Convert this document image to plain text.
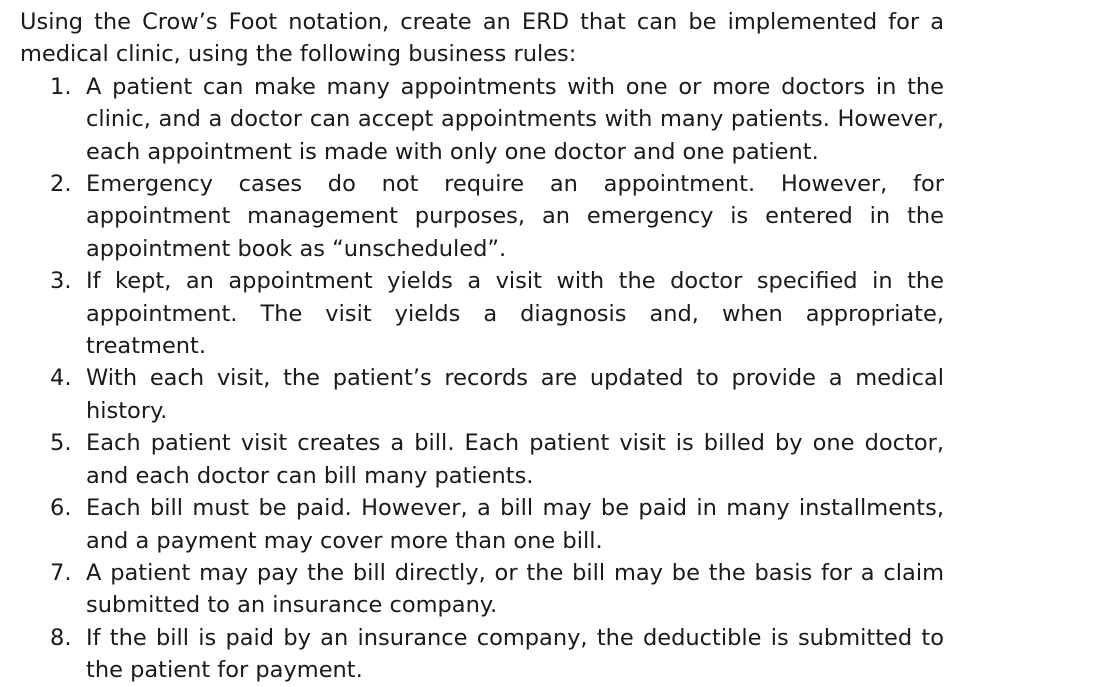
Using the Crow’s Foot notation, create an ERD that can be implemented for a medical clinic, using the following business rules:

1. A patient can make many appointments with one or more doctors in the clinic, and a doctor can accept appointments with many patients. However, each appointment is made with only one doctor and one patient.
2. Emergency cases do not require an appointment. However, for appointment management purposes, an emergency is entered in the appointment book as “unscheduled”.
3. If kept, an appointment yields a visit with the doctor specified in the appointment. The visit yields a diagnosis and, when appropriate, treatment.
4. With each visit, the patient’s records are updated to provide a medical history.
5. Each patient visit creates a bill. Each patient visit is billed by one doctor, and each doctor can bill many patients.
6. Each bill must be paid. However, a bill may be paid in many installments, and a payment may cover more than one bill.
7. A patient may pay the bill directly, or the bill may be the basis for a claim submitted to an insurance company.
8. If the bill is paid by an insurance company, the deductible is submitted to the patient for payment.
